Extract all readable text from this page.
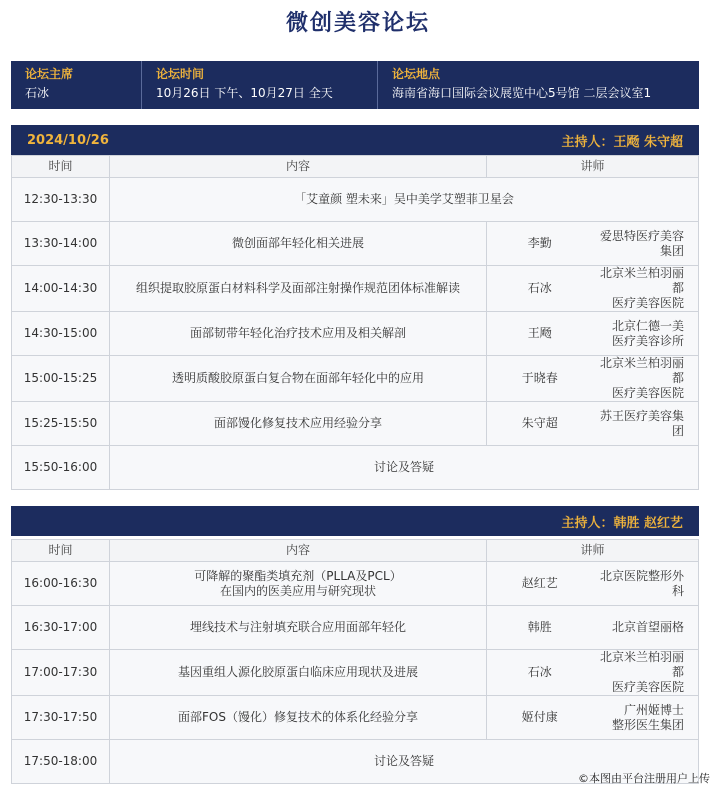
微创美容论坛
论坛主席
石冰
论坛时间
10月26日 下午、10月27日 全天
论坛地点
海南省海口国际会议展览中心5号馆 二层会议室1
2024/10/26	主持人：王飏 朱守超
时间	内容	讲师	
12:30-13:30	「艾童颜 塑未来」吴中美学艾塑菲卫星会		
13:30-14:00	微创面部年轻化相关进展	李勤	爱思特医疗美容集团
14:00-14:30	组织提取胶原蛋白材料科学及面部注射操作规范团体标准解读	石冰	北京米兰柏羽丽都
医疗美容医院
14:30-15:00	面部韧带年轻化治疗技术应用及相关解剖	王飏	北京仁德一美
医疗美容诊所
15:00-15:25	透明质酸胶原蛋白复合物在面部年轻化中的应用	于晓春	北京米兰柏羽丽都
医疗美容医院
15:25-15:50	面部馒化修复技术应用经验分享	朱守超	苏王医疗美容集团
15:50-16:00	讨论及答疑		
主持人：韩胜 赵红艺
时间	内容	讲师	
16:00-16:30	可降解的聚酯类填充剂（PLLA及PCL）
在国内的医美应用与研究现状	赵红艺	北京医院整形外科
16:30-17:00	埋线技术与注射填充联合应用面部年轻化	韩胜	北京首望丽格
17:00-17:30	基因重组人源化胶原蛋白临床应用现状及进展	石冰	北京米兰柏羽丽都
医疗美容医院
17:30-17:50	面部FOS（馒化）修复技术的体系化经验分享	姬付康	广州姬博士
整形医生集团
17:50-18:00	讨论及答疑		
©本图由平台注册用户上传
